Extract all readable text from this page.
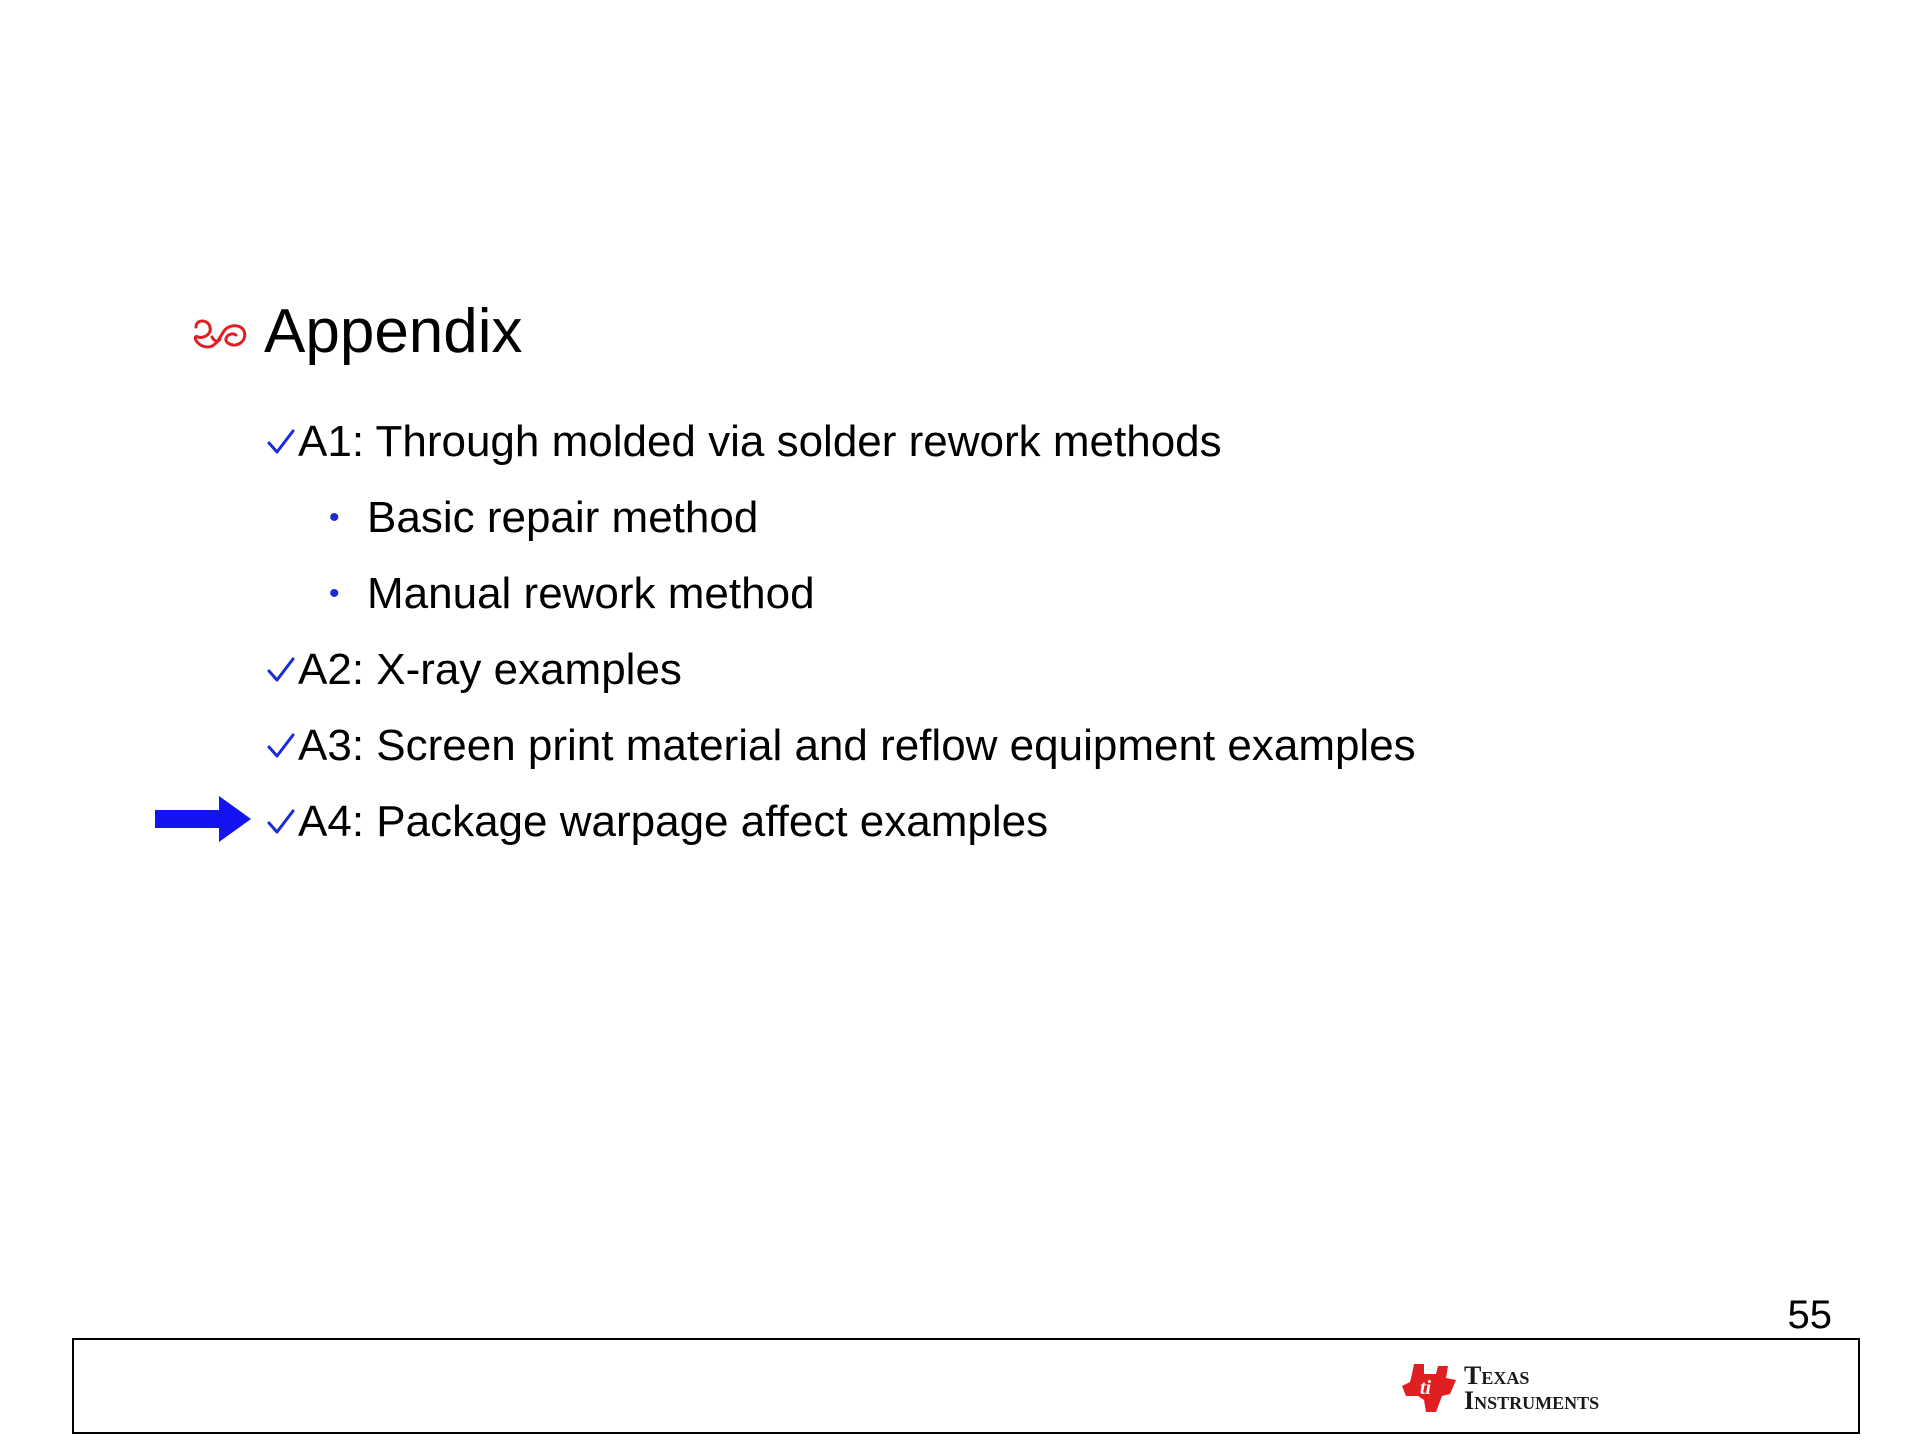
Appendix
A1: Through molded via solder rework methods
• Basic repair method
• Manual rework method
A2: X-ray examples
A3: Screen print material and reflow equipment examples
A4: Package warpage affect examples
55
ti Texas
Instruments
